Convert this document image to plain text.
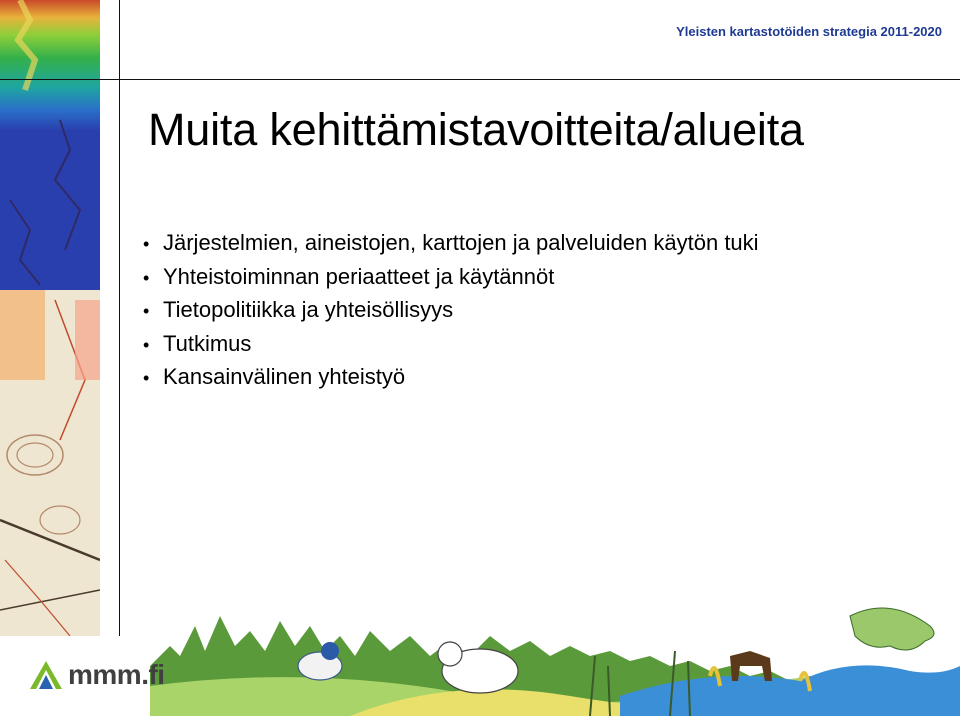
Yleisten kartastotöiden strategia 2011-2020
Muita kehittämistavoitteita/alueita
• Järjestelmien, aineistojen, karttojen ja palveluiden käytön tuki
• Yhteistoiminnan periaatteet ja käytännöt
• Tietopolitiikka ja yhteisöllisyys
• Tutkimus
• Kansainvälinen yhteistyö
mmm.fi
